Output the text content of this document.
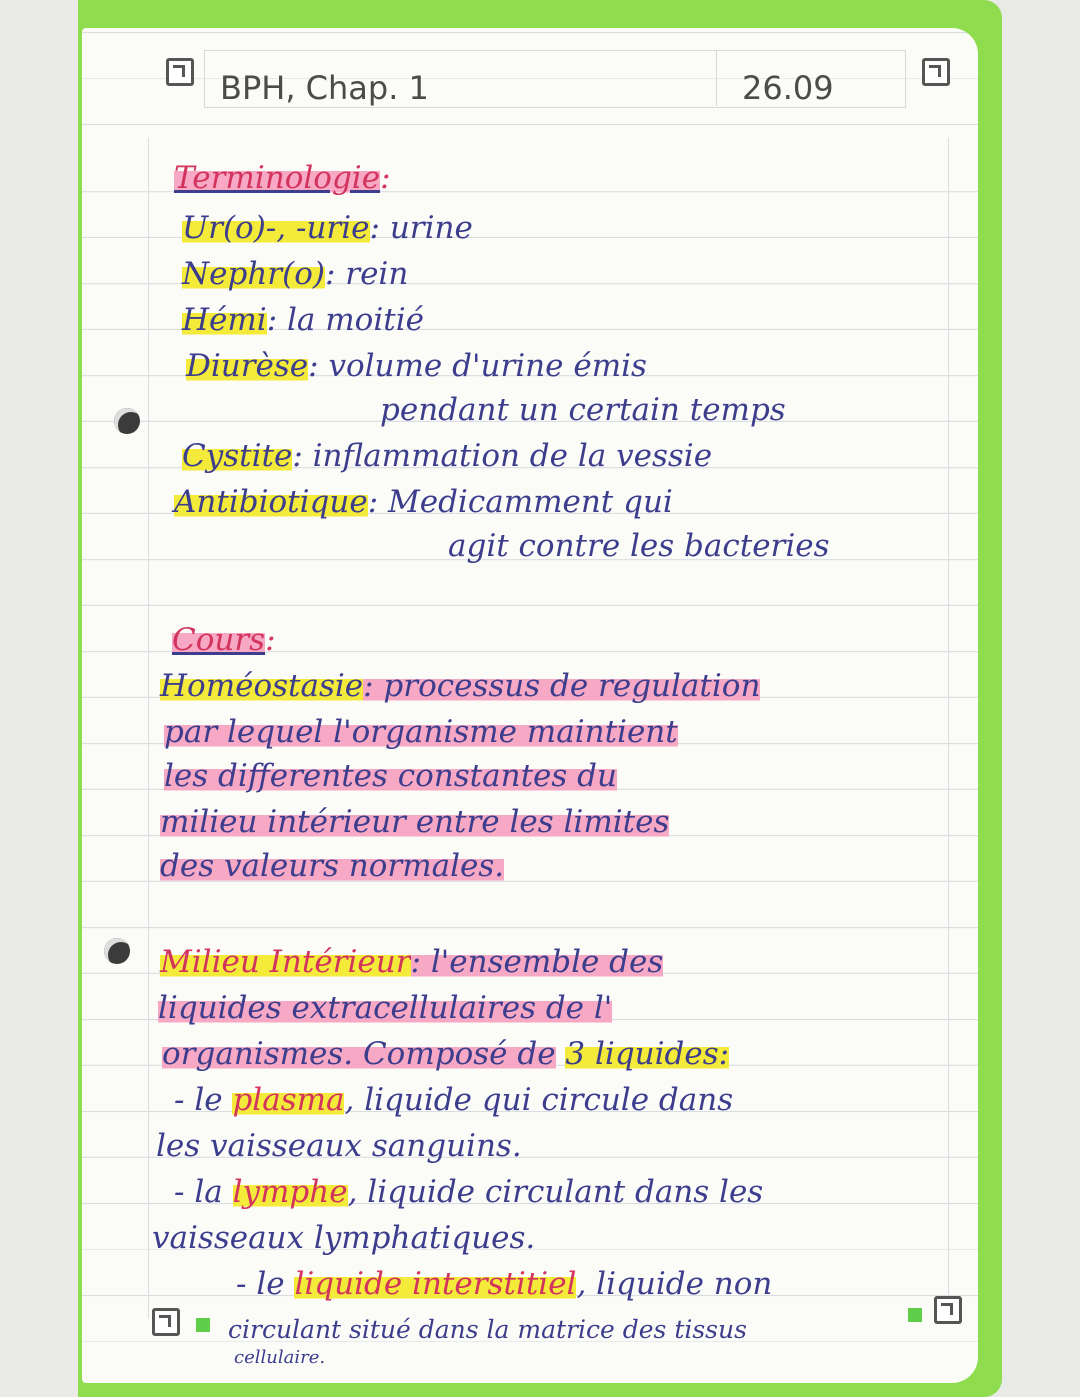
BPH, Chap. 1	26.09
Terminologie:
Ur(o)-, -urie: urine
Nephr(o): rein
Hémi: la moitié
Diurèse: volume d'urine émis
pendant un certain temps
Cystite: inflammation de la vessie
Antibiotique: Medicamment qui
agit contre les bacteries
Cours:
Homéostasie: processus de regulation
par lequel l'organisme maintient
les differentes constantes du
milieu intérieur entre les limites
des valeurs normales.
Milieu Intérieur: l'ensemble des
liquides extracellulaires de l'
organismes. Composé de 3 liquides:
- le plasma, liquide qui circule dans
les vaisseaux sanguins.
- la lymphe, liquide circulant dans les
vaisseaux lymphatiques.
- le liquide interstitiel, liquide non
circulant situé dans la matrice des tissus
cellulaire.
